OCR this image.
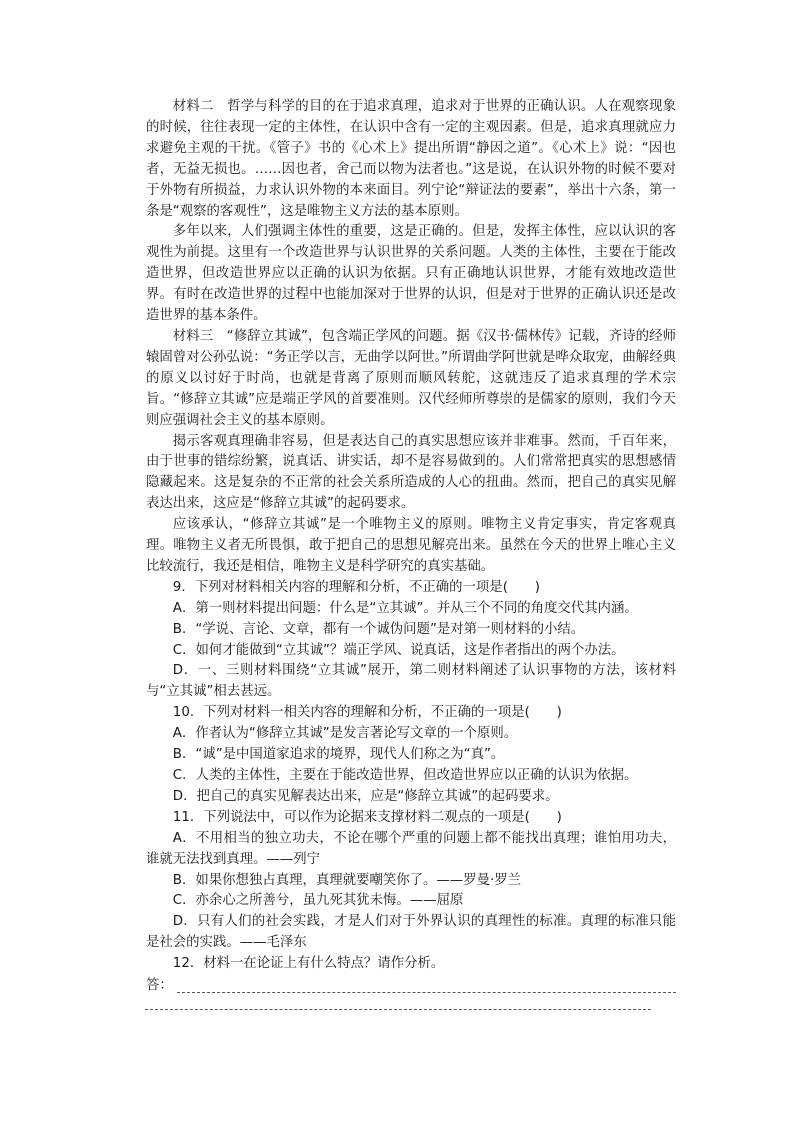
材料二　哲学与科学的目的在于追求真理，追求对于世界的正确认识。人在观察现象的时候，往往表现一定的主体性，在认识中含有一定的主观因素。但是，追求真理就应力求避免主观的干扰。《管子》书的《心术上》提出所谓“静因之道”。《心术上》说：“因也者，无益无损也。……因也者，舍己而以物为法者也。”这是说，在认识外物的时候不要对于外物有所损益，力求认识外物的本来面目。列宁论“辩证法的要素”，举出十六条，第一条是“观察的客观性”，这是唯物主义方法的基本原则。

多年以来，人们强调主体性的重要，这是正确的。但是，发挥主体性，应以认识的客观性为前提。这里有一个改造世界与认识世界的关系问题。人类的主体性，主要在于能改造世界，但改造世界应以正确的认识为依据。只有正确地认识世界，才能有效地改造世界。有时在改造世界的过程中也能加深对于世界的认识，但是对于世界的正确认识还是改造世界的基本条件。

材料三　“修辞立其诚”，包含端正学风的问题。据《汉书·儒林传》记载，齐诗的经师辕固曾对公孙弘说：“务正学以言，无曲学以阿世。”所谓曲学阿世就是哗众取宠，曲解经典的原义以讨好于时尚，也就是背离了原则而顺风转舵，这就违反了追求真理的学术宗旨。“修辞立其诚”应是端正学风的首要准则。汉代经师所尊崇的是儒家的原则，我们今天则应强调社会主义的基本原则。

揭示客观真理确非容易，但是表达自己的真实思想应该并非难事。然而，千百年来，由于世事的错综纷繁，说真话、讲实话，却不是容易做到的。人们常常把真实的思想感情隐藏起来。这是复杂的不正常的社会关系所造成的人心的扭曲。然而，把自己的真实见解表达出来，这应是“修辞立其诚”的起码要求。

应该承认，“修辞立其诚”是一个唯物主义的原则。唯物主义肯定事实，肯定客观真理。唯物主义者无所畏惧，敢于把自己的思想见解亮出来。虽然在今天的世界上唯心主义比较流行，我还是相信，唯物主义是科学研究的真实基础。

9．下列对材料相关内容的理解和分析，不正确的一项是(　　)

A．第一则材料提出问题：什么是“立其诚”。并从三个不同的角度交代其内涵。

B．“学说、言论、文章，都有一个诚伪问题”是对第一则材料的小结。

C．如何才能做到“立其诚”？端正学风、说真话，这是作者指出的两个办法。

D．一、三则材料围绕“立其诚”展开，第二则材料阐述了认识事物的方法，该材料与“立其诚”相去甚远。

10．下列对材料一相关内容的理解和分析，不正确的一项是(　　)

A．作者认为“修辞立其诚”是发言著论写文章的一个原则。

B．“诚”是中国道家追求的境界，现代人们称之为“真”。

C．人类的主体性，主要在于能改造世界，但改造世界应以正确的认识为依据。

D．把自己的真实见解表达出来，应是“修辞立其诚”的起码要求。

11．下列说法中，可以作为论据来支撑材料二观点的一项是(　　)

A．不用相当的独立功夫，不论在哪个严重的问题上都不能找出真理；谁怕用功夫，谁就无法找到真理。——列宁

B．如果你想独占真理，真理就要嘲笑你了。——罗曼·罗兰

C．亦余心之所善兮，虽九死其犹未悔。——屈原

D．只有人们的社会实践，才是人们对于外界认识的真理性的标准。真理的标准只能是社会的实践。——毛泽东

12．材料一在论证上有什么特点？请作分析。

答：
